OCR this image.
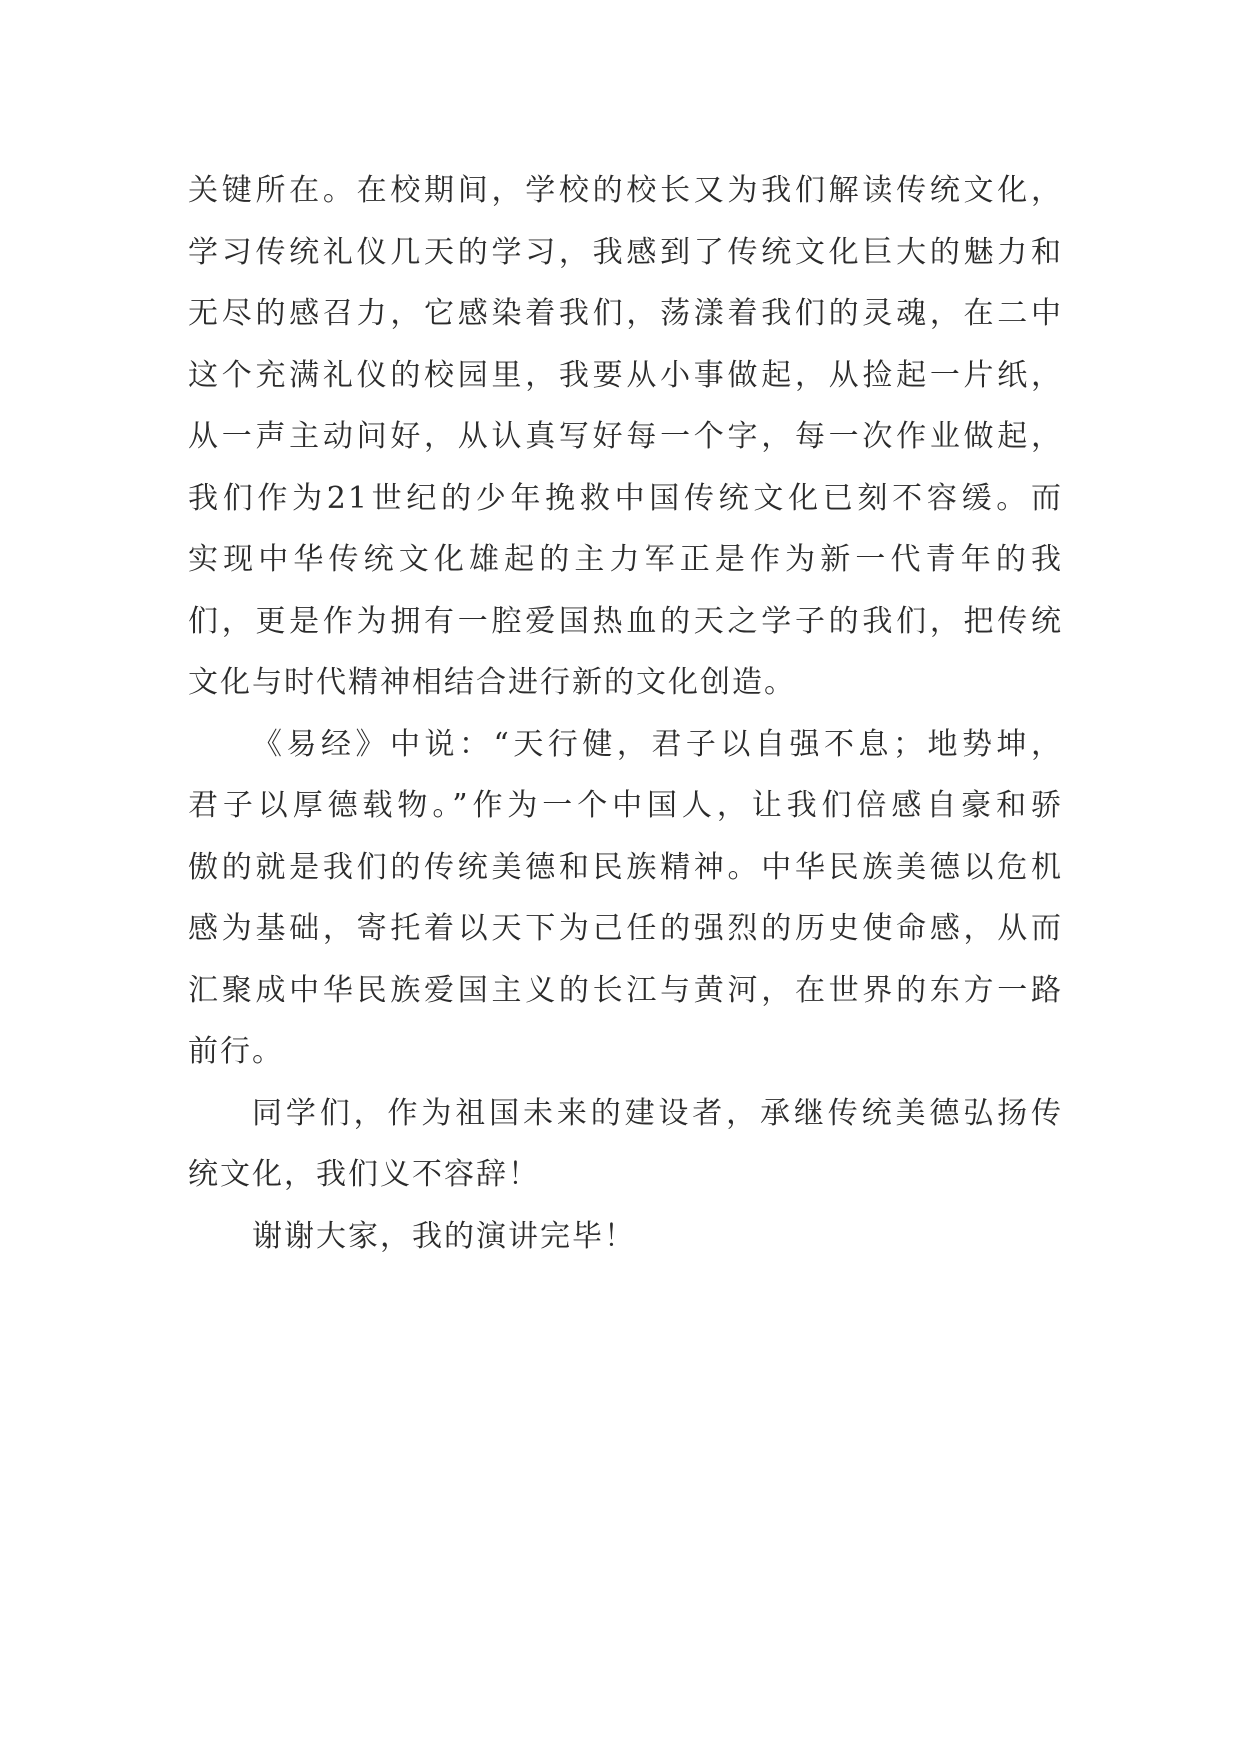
关键所在。在校期间，学校的校长又为我们解读传统文化，
学习传统礼仪几天的学习，我感到了传统文化巨大的魅力和
无尽的感召力，它感染着我们，荡漾着我们的灵魂，在二中
这个充满礼仪的校园里，我要从小事做起，从捡起一片纸，
从一声主动问好，从认真写好每一个字，每一次作业做起，
我们作为21世纪的少年挽救中国传统文化已刻不容缓。而
实现中华传统文化雄起的主力军正是作为新一代青年的我
们，更是作为拥有一腔爱国热血的天之学子的我们，把传统
文化与时代精神相结合进行新的文化创造。
《易经》中说：“天行健，君子以自强不息；地势坤，
君子以厚德载物。”作为一个中国人，让我们倍感自豪和骄
傲的就是我们的传统美德和民族精神。中华民族美德以危机
感为基础，寄托着以天下为己任的强烈的历史使命感，从而
汇聚成中华民族爱国主义的长江与黄河，在世界的东方一路
前行。
同学们，作为祖国未来的建设者，承继传统美德弘扬传
统文化，我们义不容辞！
谢谢大家，我的演讲完毕！
